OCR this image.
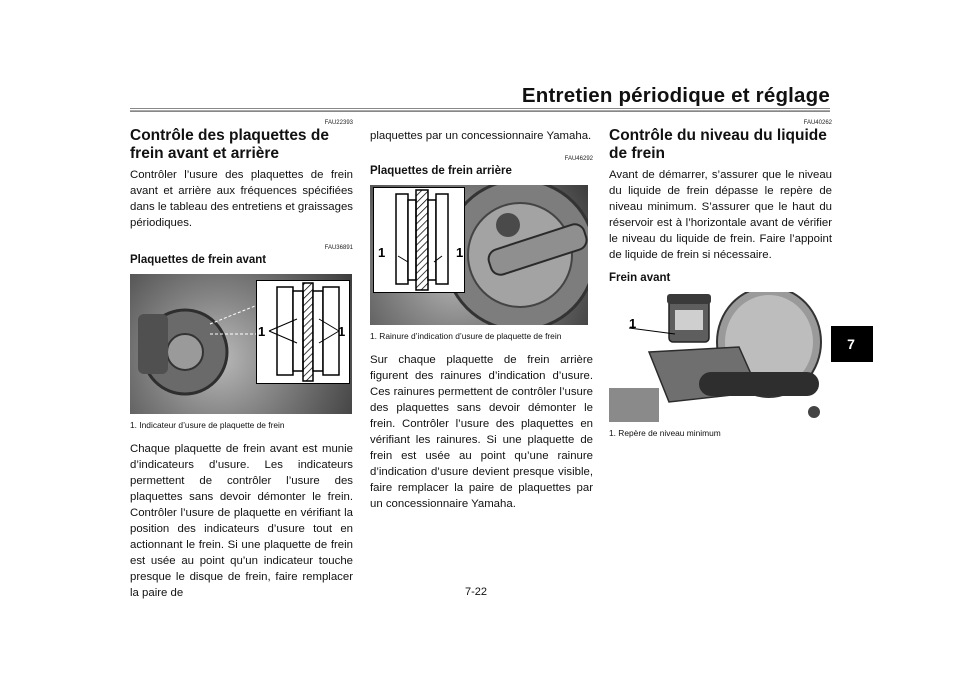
Entretien périodique et réglage
7
FAU22393
Contrôle des plaquettes de frein avant et arrière

Contrôler l’usure des plaquettes de frein avant et arrière aux fréquences spécifiées dans le tableau des entretiens et graissages périodiques.

FAU36891
Plaquettes de frein avant
1	1
1. Indicateur d’usure de plaquette de frein

Chaque plaquette de frein avant est munie d’indicateurs d’usure. Les indicateurs permettent de contrôler l’usure des plaquettes sans devoir démonter le frein. Contrôler l’usure de plaquette en vérifiant la position des indicateurs d’usure tout en actionnant le frein. Si une plaquette de frein est usée au point qu’un indicateur touche presque le disque de frein, faire remplacer la paire de

plaquettes par un concessionnaire Yamaha.

FAU46292
Plaquettes de frein arrière
1	1
1. Rainure d’indication d’usure de plaquette de frein

Sur chaque plaquette de frein arrière figurent des rainures d’indication d’usure. Ces rainures permettent de contrôler l’usure des plaquettes sans devoir démonter le frein. Contrôler l’usure des plaquettes en vérifiant les rainures. Si une plaquette de frein est usée au point qu’une rainure d’indication d’usure devient presque visible, faire remplacer la paire de plaquettes par un concessionnaire Yamaha.

FAU40262
Contrôle du niveau du liquide de frein

Avant de démarrer, s’assurer que le niveau du liquide de frein dépasse le repère de niveau minimum. S’assurer que le haut du réservoir est à l’horizontale avant de vérifier le niveau du liquide de frein. Faire l’appoint de liquide de frein si nécessaire.

Frein avant
1
1. Repère de niveau minimum
7-22
